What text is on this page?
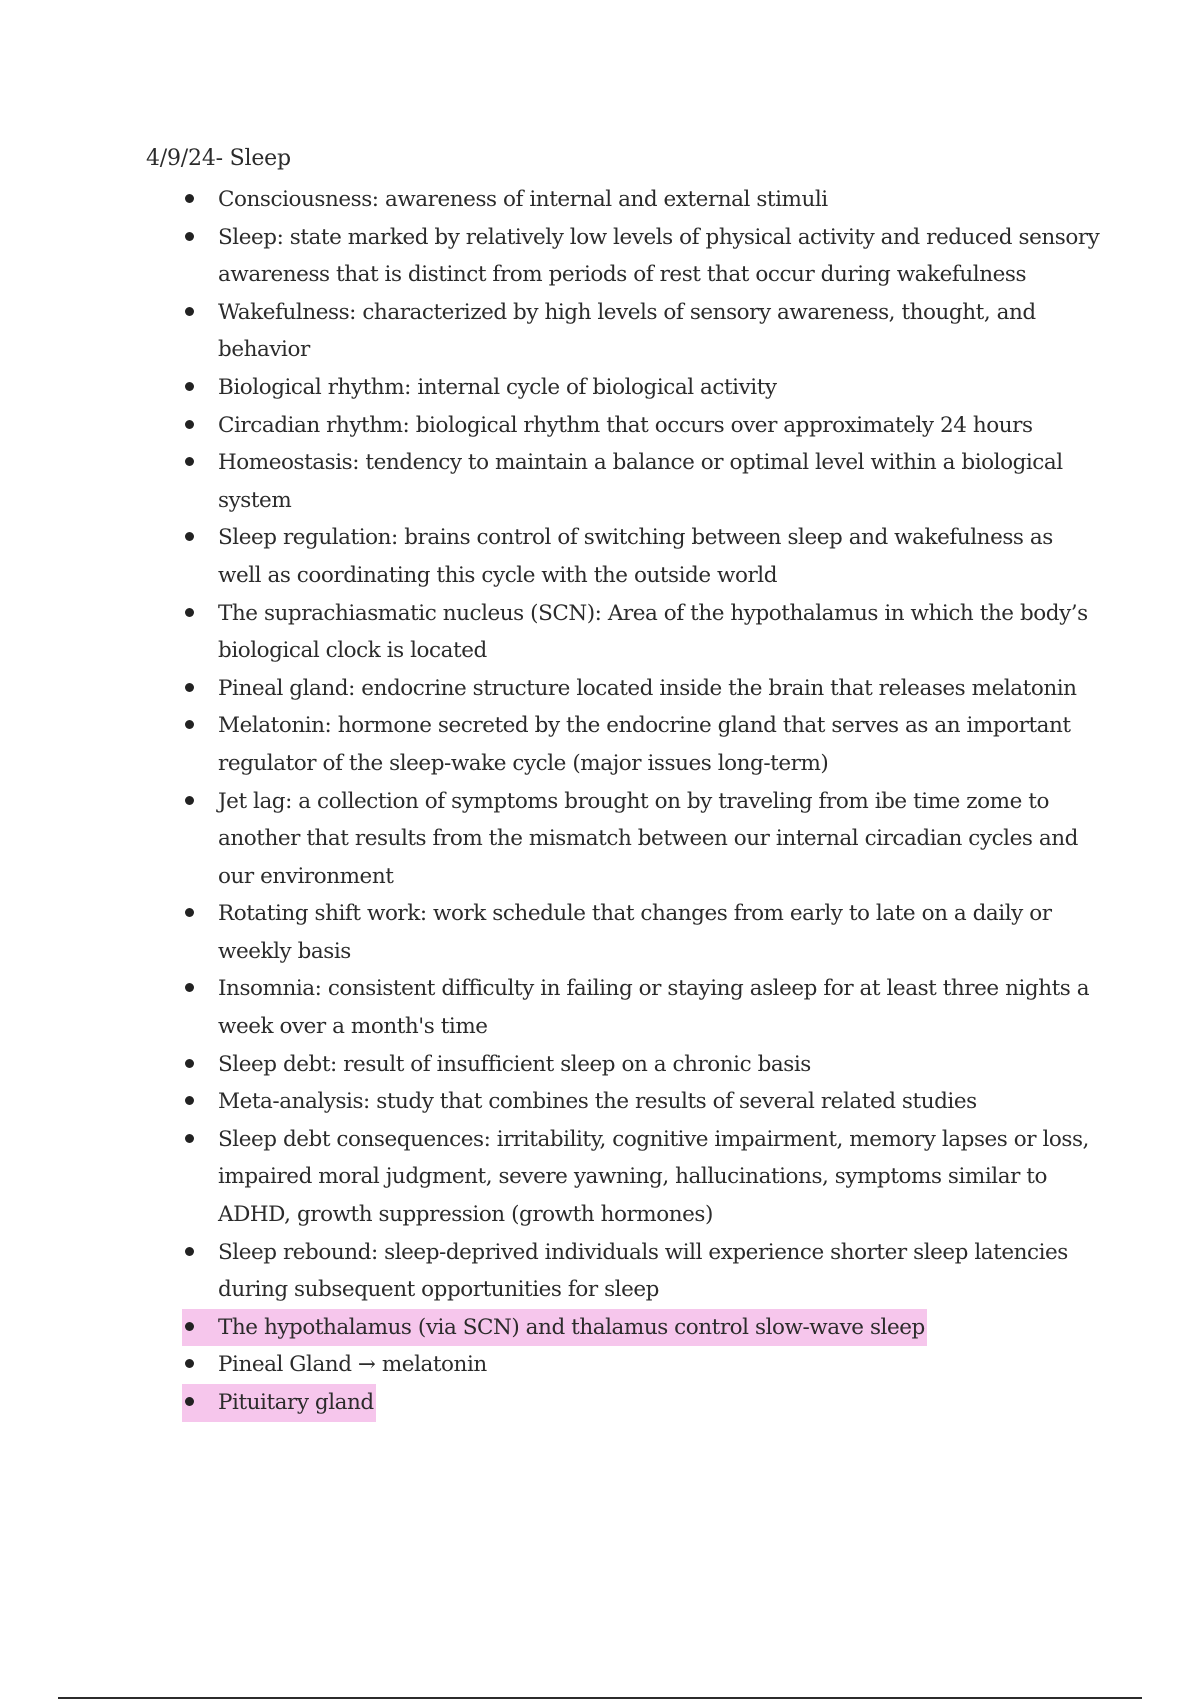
4/9/24- Sleep
Consciousness: awareness of internal and external stimuli
Sleep: state marked by relatively low levels of physical activity and reduced sensory awareness that is distinct from periods of rest that occur during wakefulness
Wakefulness: characterized by high levels of sensory awareness, thought, and behavior
Biological rhythm: internal cycle of biological activity
Circadian rhythm: biological rhythm that occurs over approximately 24 hours
Homeostasis: tendency to maintain a balance or optimal level within a biological system
Sleep regulation: brains control of switching between sleep and wakefulness as well as coordinating this cycle with the outside world
The suprachiasmatic nucleus (SCN): Area of the hypothalamus in which the body’s biological clock is located
Pineal gland: endocrine structure located inside the brain that releases melatonin
Melatonin: hormone secreted by the endocrine gland that serves as an important regulator of the sleep-wake cycle (major issues long-term)
Jet lag: a collection of symptoms brought on by traveling from ibe time zome to another that results from the mismatch between our internal circadian cycles and our environment
Rotating shift work: work schedule that changes from early to late on a daily or weekly basis
Insomnia: consistent difficulty in failing or staying asleep for at least three nights a week over a month's time
Sleep debt: result of insufficient sleep on a chronic basis
Meta-analysis: study that combines the results of several related studies
Sleep debt consequences: irritability, cognitive impairment, memory lapses or loss, impaired moral judgment, severe yawning, hallucinations, symptoms similar to ADHD, growth suppression (growth hormones)
Sleep rebound: sleep-deprived individuals will experience shorter sleep latencies during subsequent opportunities for sleep
The hypothalamus (via SCN) and thalamus control slow-wave sleep
Pineal Gland → melatonin
Pituitary gland
